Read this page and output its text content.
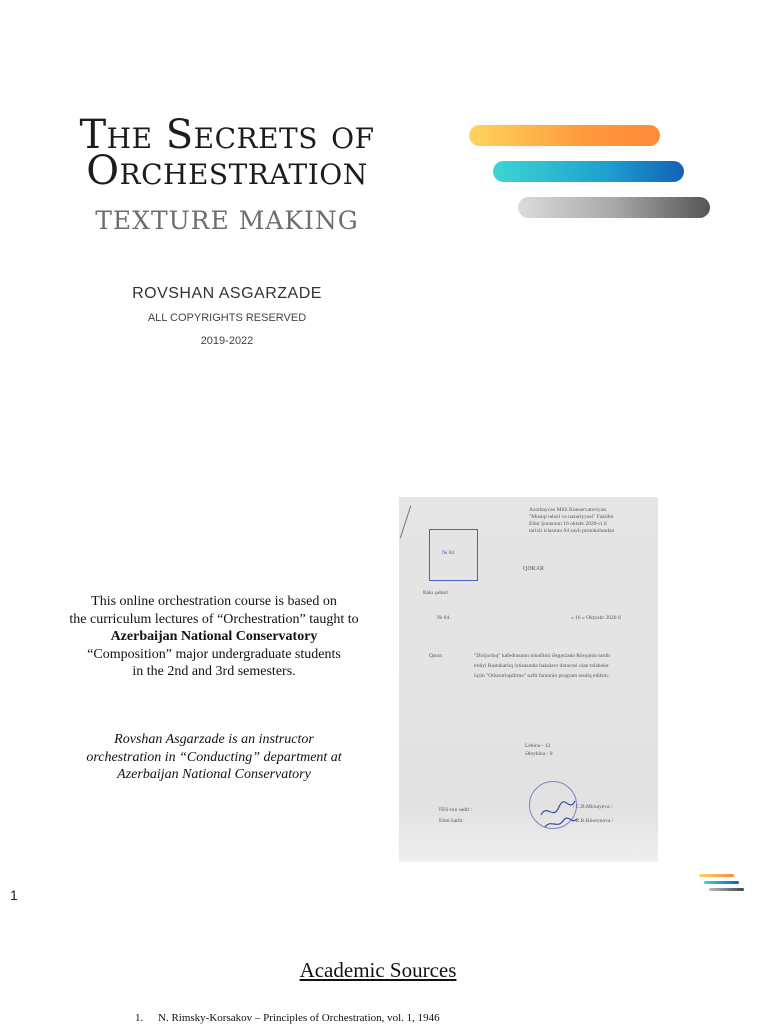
The Secrets of
Orchestration
TEXTURE MAKING
ROVSHAN ASGARZADE
ALL COPYRIGHTS RESERVED
2019-2022
This online orchestration course is based on
the curriculum lectures of “Orchestration” taught to
Azerbaijan National Conservatory
“Composition” major undergraduate students
in the 2nd and 3rd semesters.
Rovshan Asgarzade is an instructor
orchestration in “Conducting” department at
Azerbaijan National Conservatory
Azərbaycan Milli Konservatoriyası
"Musiqi təhsil və nəzəriyyəsi" Fakültə
Elmi Şurasının 16 oktabr 2020-ci il
tarixli iclasının 04 saylı protokolundan
№ 04
QƏRAR
Bakı şəhəri
№ 04	« 16 » Oktyabr 2020 il
Qərar:	"Dirijorluq" kafedrasının müəllimi Əsgərzadə Rövşənin tərtib
etdiyi Bəstəkarlıq ixtisasında bakalavr dərəcəsi olan tələbələr
üçün "Orkestrləşdirmə" nəfli fənninin program təsdiq edilsin.
Lehinə - 12
Əleyhinə - 0
FES-nın sədri :
Elmi katib:
/ C.B.Mirzəyeva /
/ Z.R.Hüseynova /
1
Academic Sources
1. N. Rimsky-Korsakov – Principles of Orchestration, vol. 1, 1946
